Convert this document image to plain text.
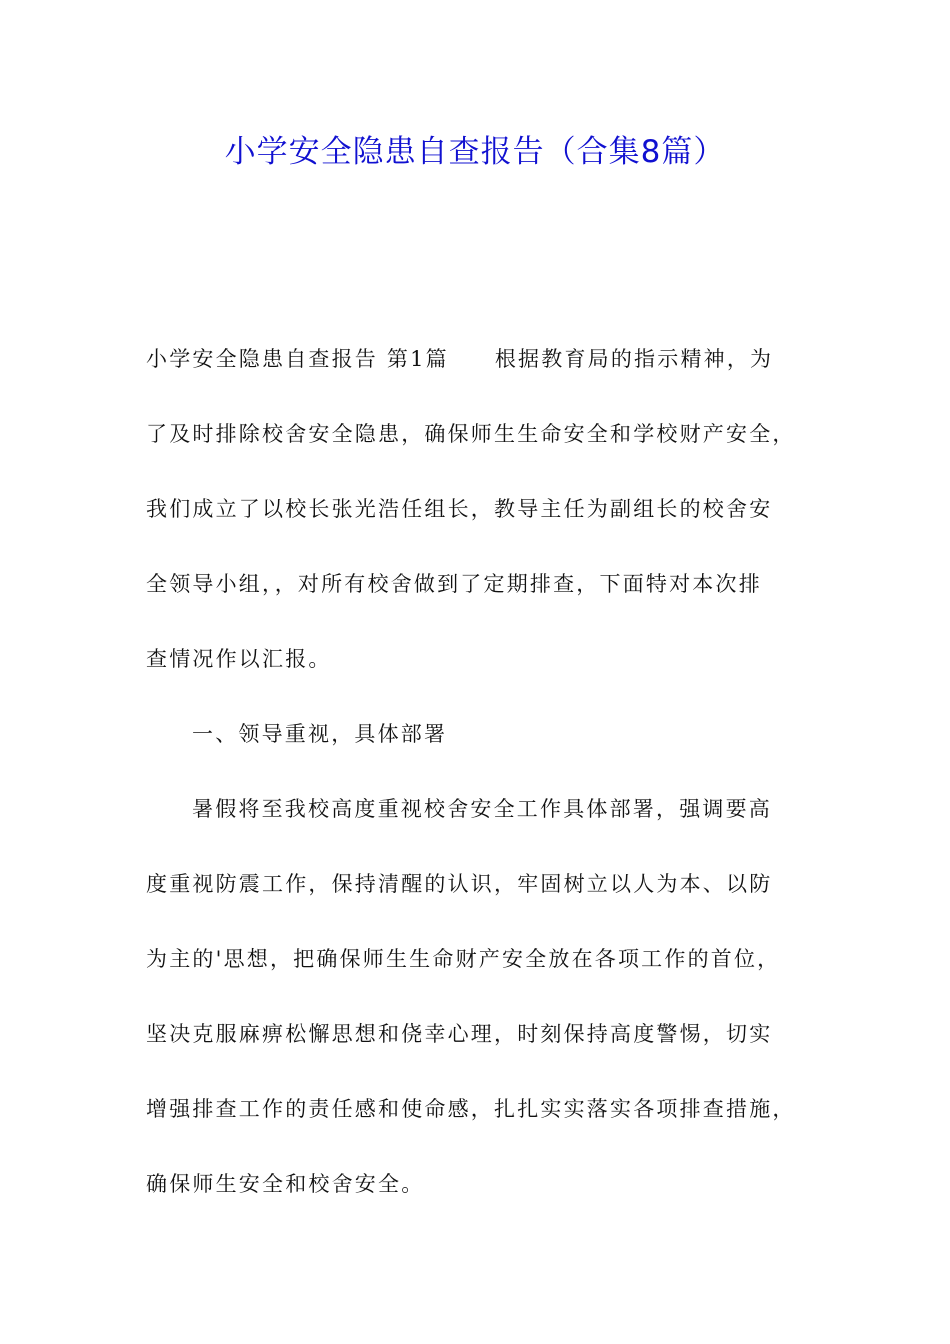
小学安全隐患自查报告（合集8篇）
小学安全隐患自查报告 第1篇 根据教育局的指示精神，为
了及时排除校舍安全隐患，确保师生生命安全和学校财产安全，
我们成立了以校长张光浩任组长，教导主任为副组长的校舍安
全领导小组，，对所有校舍做到了定期排查，下面特对本次排
查情况作以汇报。
一、领导重视，具体部署
暑假将至我校高度重视校舍安全工作具体部署，强调要高
度重视防震工作，保持清醒的认识，牢固树立以人为本、以防
为主的'思想，把确保师生生命财产安全放在各项工作的首位，
坚决克服麻痹松懈思想和侥幸心理，时刻保持高度警惕，切实
增强排查工作的责任感和使命感，扎扎实实落实各项排查措施，
确保师生安全和校舍安全。
